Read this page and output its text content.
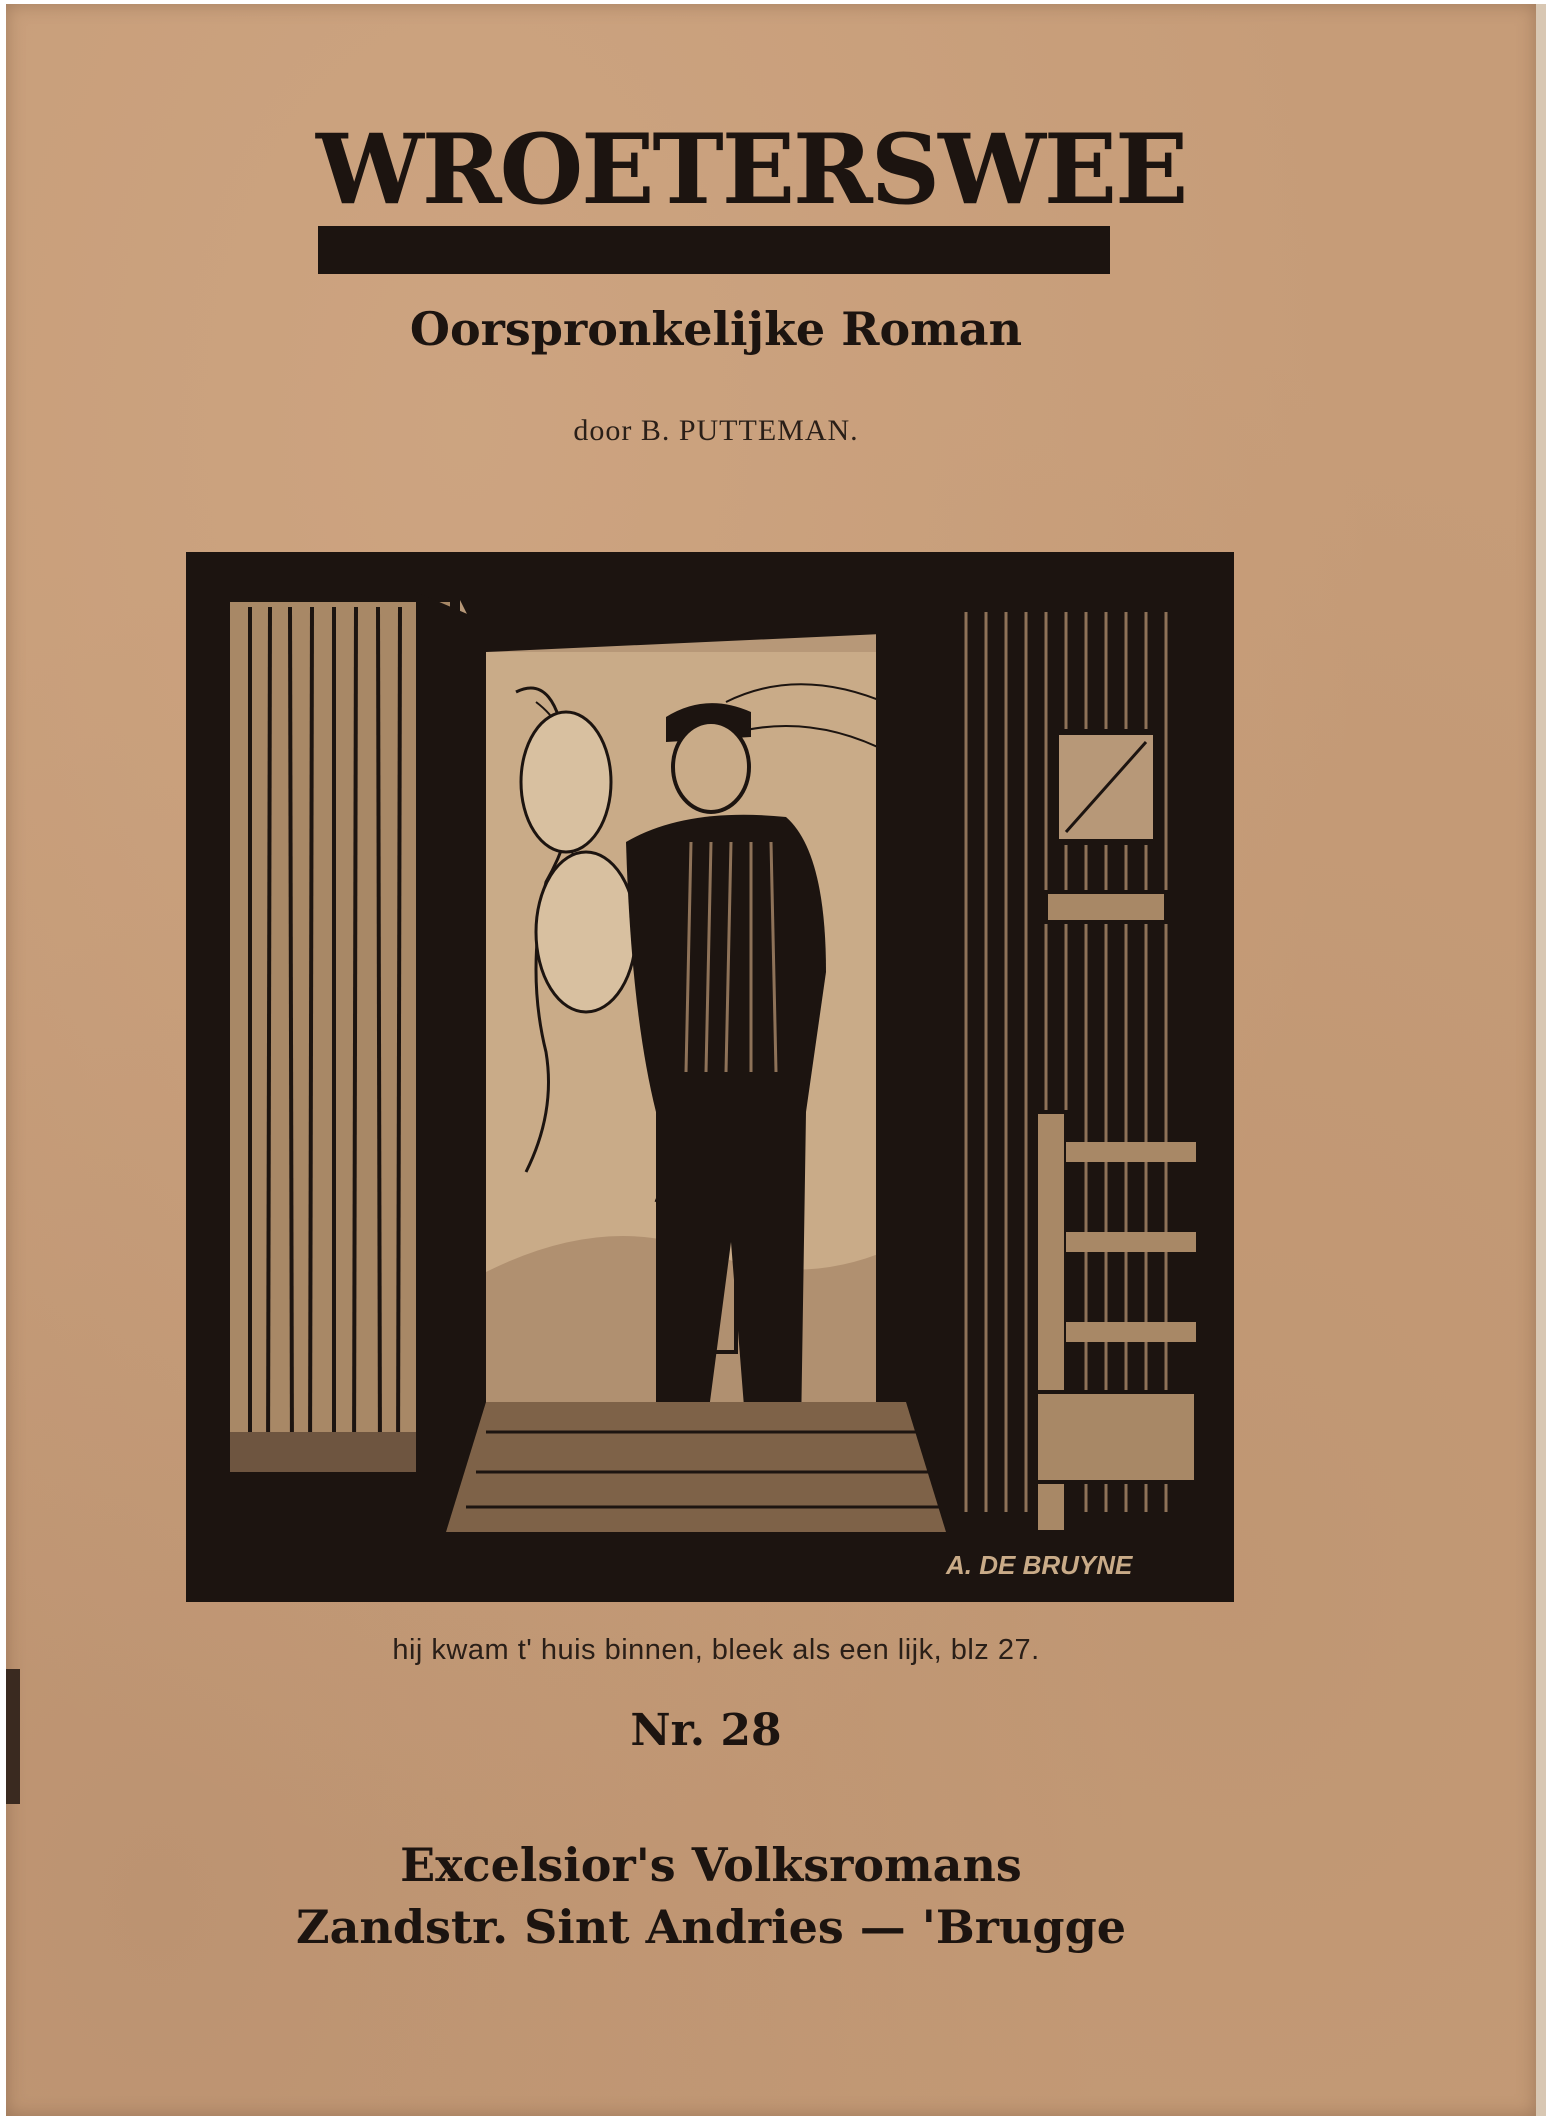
WROETERSWEE
Oorspronkelijke Roman
door B. PUTTEMAN.
A. DE BRUYNE
hij kwam t' huis binnen, bleek als een lijk, blz 27.
Nr. 28
Excelsior's Volksromans
Zandstr. Sint Andries — 'Brugge
